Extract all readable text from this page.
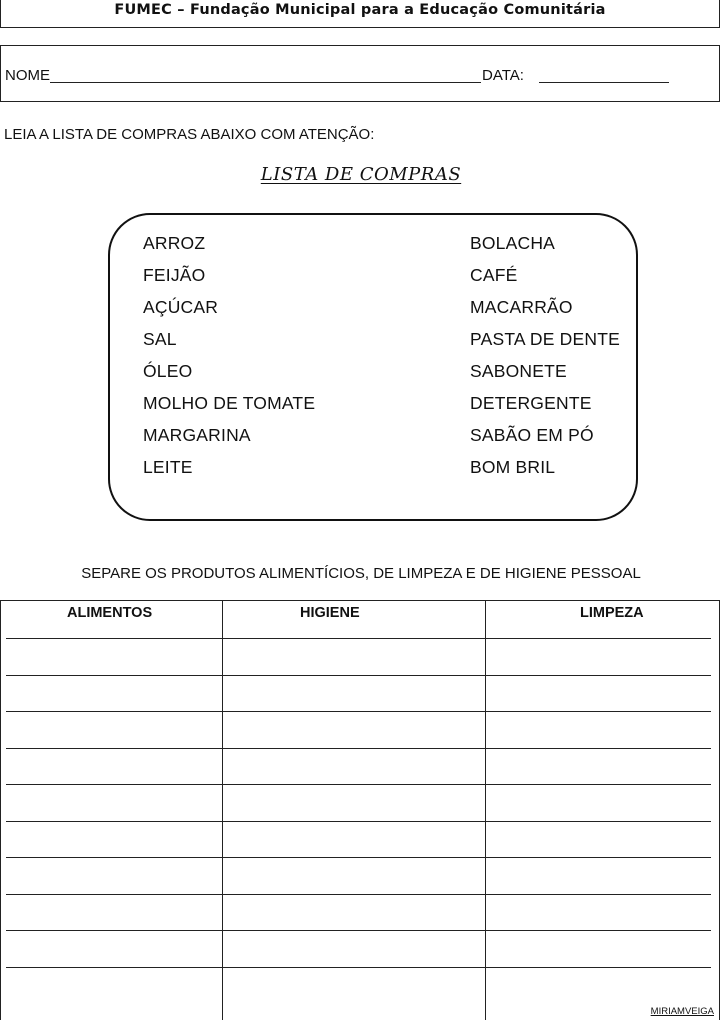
FUMEC – Fundação Municipal para a Educação Comunitária
NOME	DATA:
LEIA A LISTA DE COMPRAS ABAIXO COM ATENÇÃO:
LISTA DE COMPRAS
ARROZ
FEIJÃO
AÇÚCAR
SAL
ÓLEO
MOLHO DE TOMATE
MARGARINA
LEITE
BOLACHA
CAFÉ
MACARRÃO
PASTA DE DENTE
SABONETE
DETERGENTE
SABÃO EM PÓ
BOM BRIL
SEPARE OS PRODUTOS ALIMENTÍCIOS, DE LIMPEZA E DE HIGIENE PESSOAL
ALIMENTOS	HIGIENE	LIMPEZA
MIRIAMVEIGA
